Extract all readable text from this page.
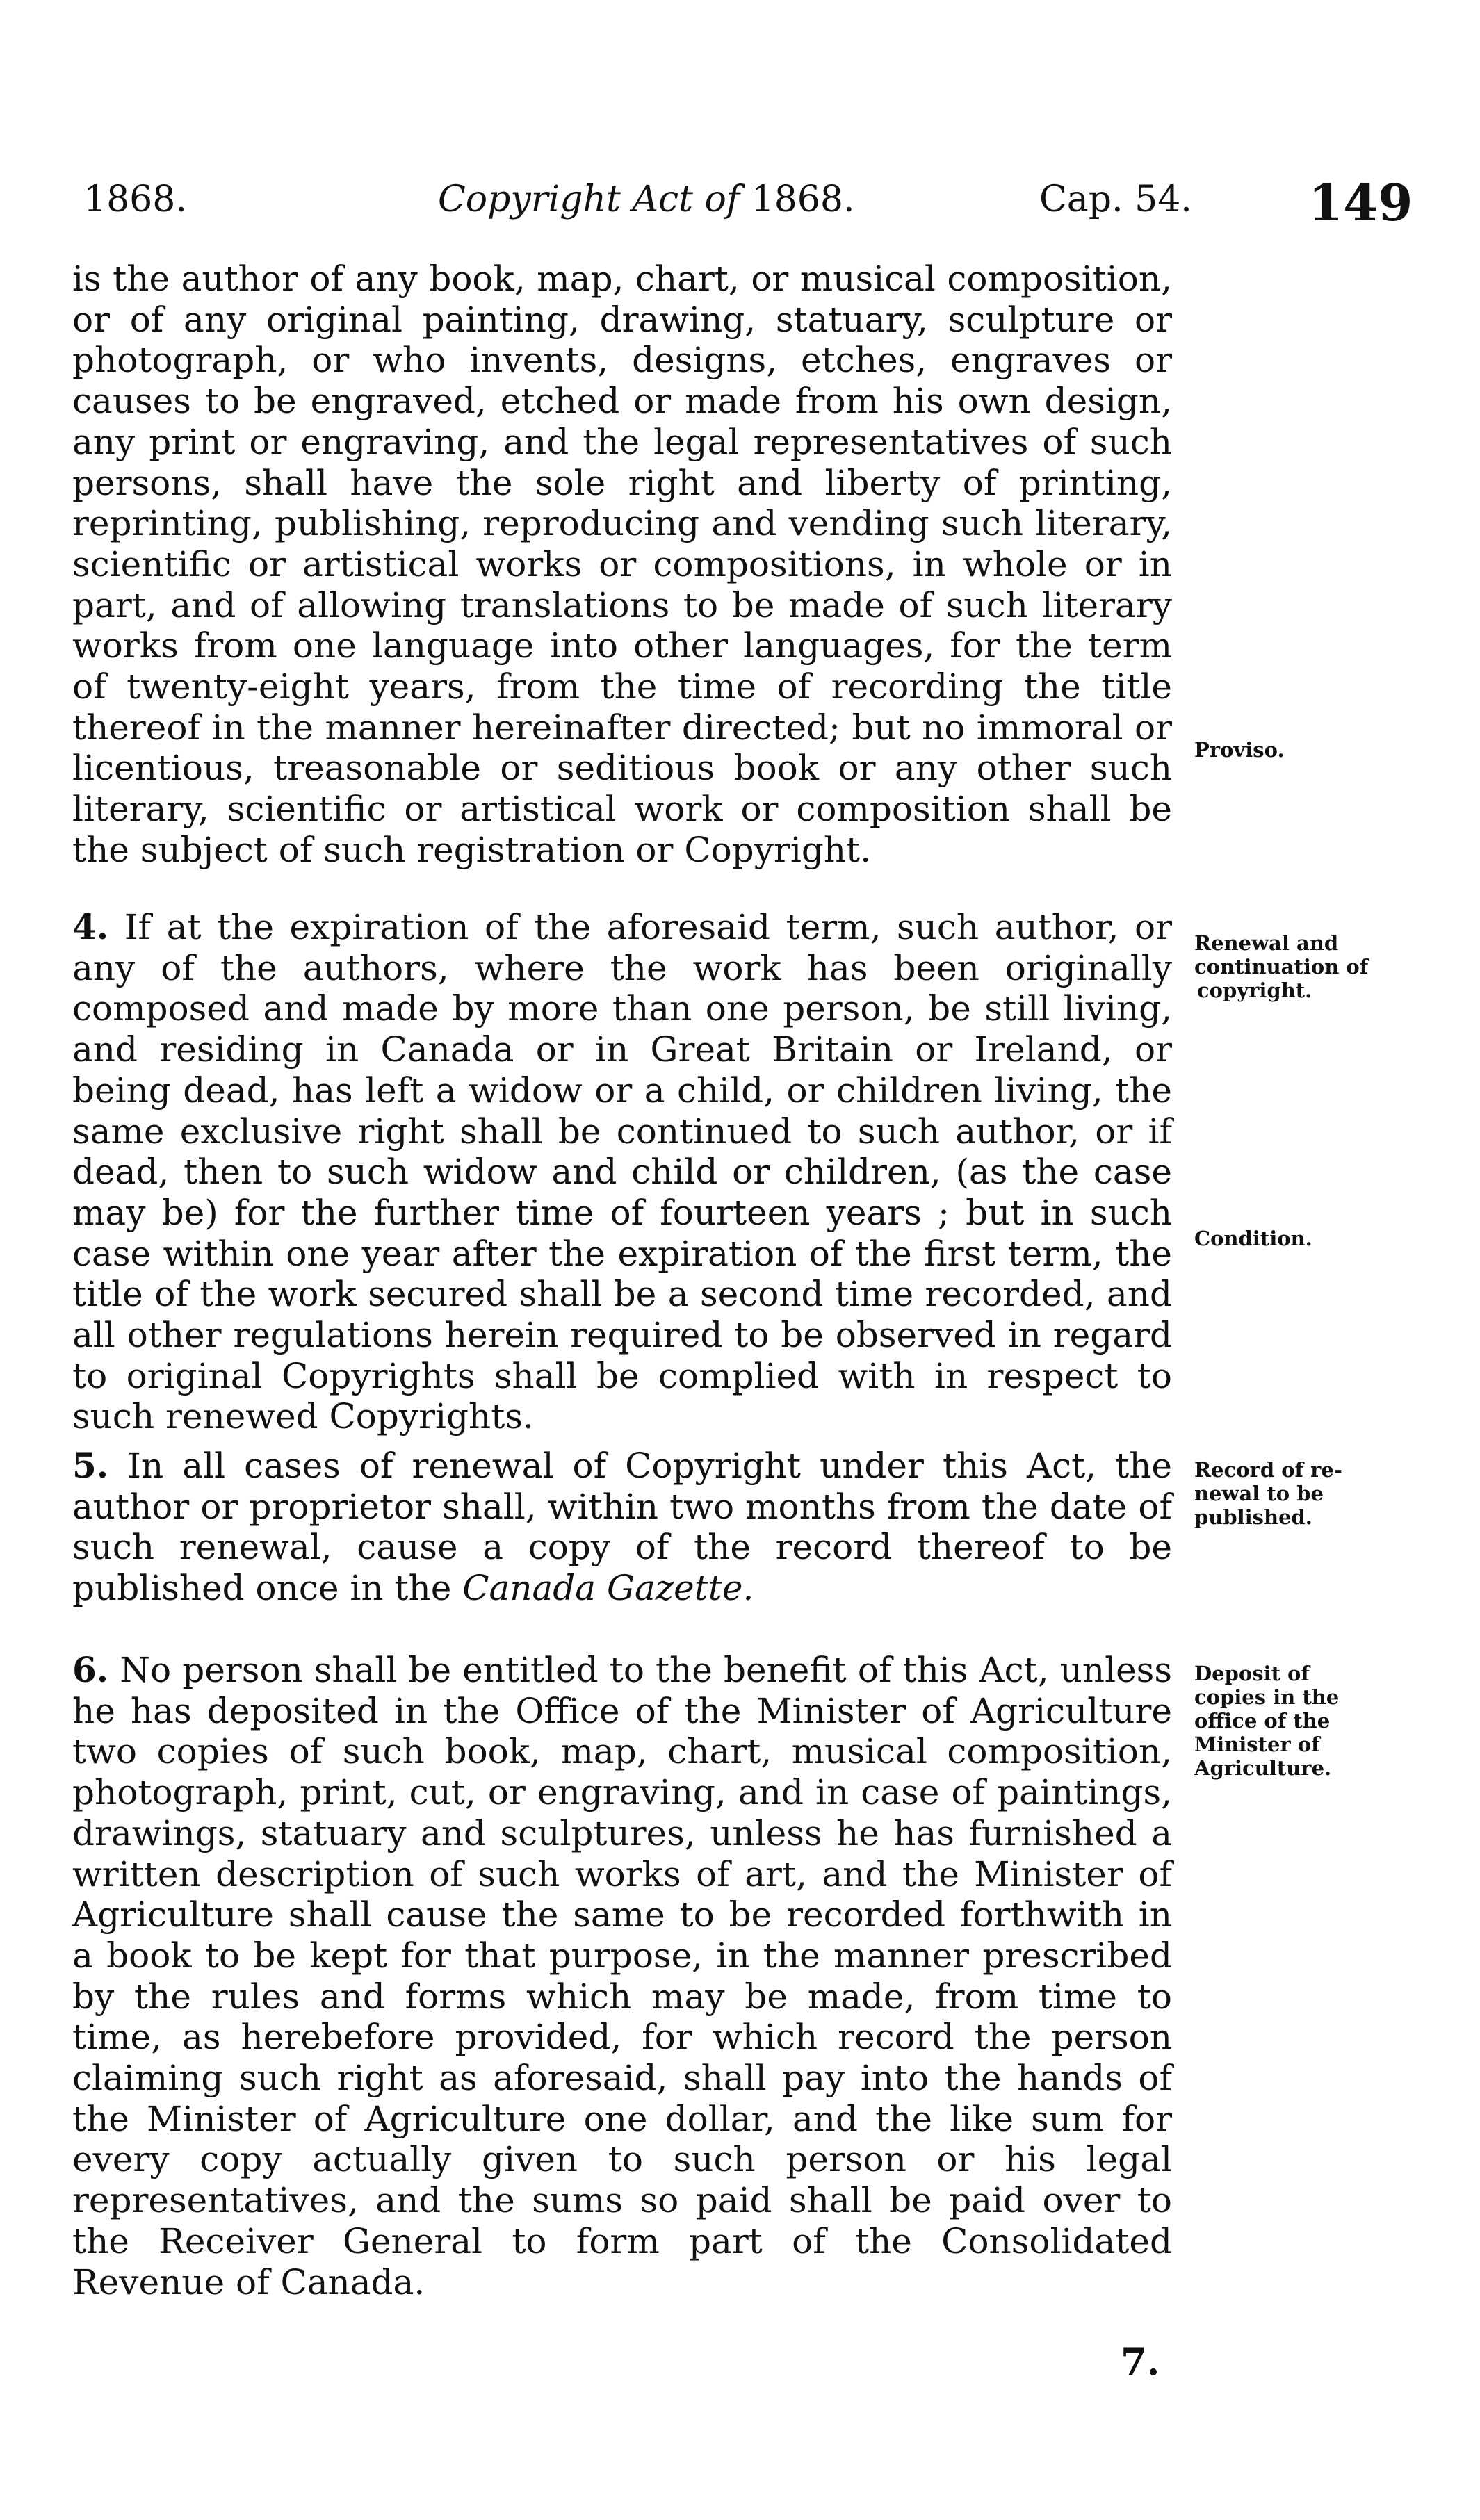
1868.	Copyright Act of 1868.	Cap. 54. 149
is the author of any book, map, chart, or musical composition, or of any original painting, drawing, statuary, sculpture or photograph, or who invents, designs, etches, engraves or causes to be engraved, etched or made from his own design, any print or engraving, and the legal representatives of such persons, shall have the sole right and liberty of printing, reprinting, publishing, reproducing and vending such literary, scientific or artistical works or compositions, in whole or in part, and of allowing translations to be made of such literary works from one language into other languages, for the term of twenty-eight years, from the time of recording the title thereof in the manner hereinafter directed; but no immoral or licentious, treasonable or seditious book or any other such literary, scientific or artistical work or composition shall be the subject of such registration or Copyright.
4. If at the expiration of the aforesaid term, such author, or any of the authors, where the work has been originally composed and made by more than one person, be still living, and residing in Canada or in Great Britain or Ireland, or being dead, has left a widow or a child, or children living, the same exclusive right shall be continued to such author, or if dead, then to such widow and child or children, (as the case may be) for the further time of fourteen years ; but in such case within one year after the expiration of the first term, the title of the work secured shall be a second time recorded, and all other regulations herein required to be observed in regard to original Copyrights shall be complied with in respect to such renewed Copyrights.
5. In all cases of renewal of Copyright under this Act, the author or proprietor shall, within two months from the date of such renewal, cause a copy of the record thereof to be published once in the Canada Gazette.
6. No person shall be entitled to the benefit of this Act, unless he has deposited in the Office of the Minister of Agriculture two copies of such book, map, chart, musical composition, photograph, print, cut, or engraving, and in case of paintings, drawings, statuary and sculptures, unless he has furnished a written description of such works of art, and the Minister of Agriculture shall cause the same to be recorded forthwith in a book to be kept for that purpose, in the manner prescribed by the rules and forms which may be made, from time to time, as herebefore provided, for which record the person claiming such right as aforesaid, shall pay into the hands of the Minister of Agriculture one dollar, and the like sum for every copy actually given to such person or his legal representatives, and the sums so paid shall be paid over to the Receiver General to form part of the Consolidated Revenue of Canada.
Proviso.
Renewal and
continuation of
copyright.
Condition.
Record of re-
newal to be
published.
Deposit of
copies in the
office of the
Minister of
Agriculture.
7.
